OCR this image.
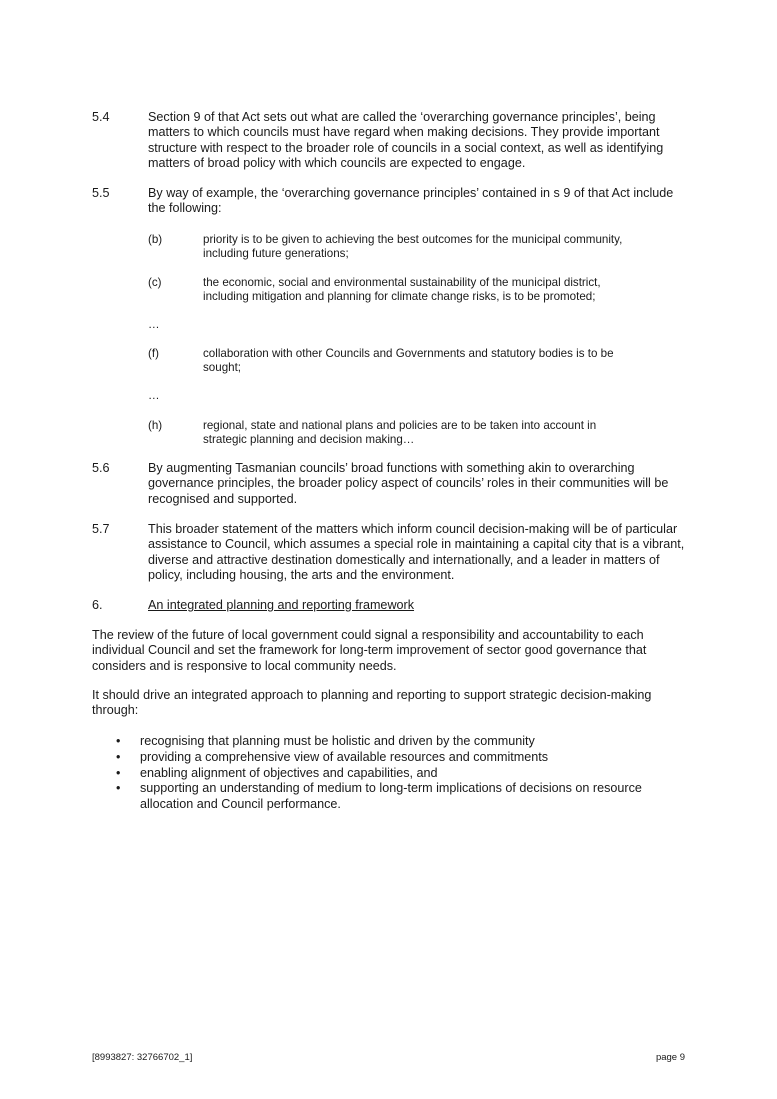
5.4	Section 9 of that Act sets out what are called the ‘overarching governance principles’, being matters to which councils must have regard when making decisions. They provide important structure with respect to the broader role of councils in a social context, as well as identifying matters of broad policy with which councils are expected to engage.
5.5	By way of example, the ‘overarching governance principles’ contained in s 9 of that Act include the following:
(b)	priority is to be given to achieving the best outcomes for the municipal community, including future generations;
(c)	the economic, social and environmental sustainability of the municipal district, including mitigation and planning for climate change risks, is to be promoted;
…
(f)	collaboration with other Councils and Governments and statutory bodies is to be sought;
…
(h)	regional, state and national plans and policies are to be taken into account in strategic planning and decision making…
5.6	By augmenting Tasmanian councils’ broad functions with something akin to overarching governance principles, the broader policy aspect of councils’ roles in their communities will be recognised and supported.
5.7	This broader statement of the matters which inform council decision-making will be of particular assistance to Council, which assumes a special role in maintaining a capital city that is a vibrant, diverse and attractive destination domestically and internationally, and a leader in matters of policy, including housing, the arts and the environment.
6.	An integrated planning and reporting framework
The review of the future of local government could signal a responsibility and accountability to each individual Council and set the framework for long-term improvement of sector good governance that considers and is responsive to local community needs.
It should drive an integrated approach to planning and reporting to support strategic decision-making through:
• recognising that planning must be holistic and driven by the community
• providing a comprehensive view of available resources and commitments
• enabling alignment of objectives and capabilities, and
• supporting an understanding of medium to long-term implications of decisions on resource allocation and Council performance.
[8993827: 32766702_1]	page 9
